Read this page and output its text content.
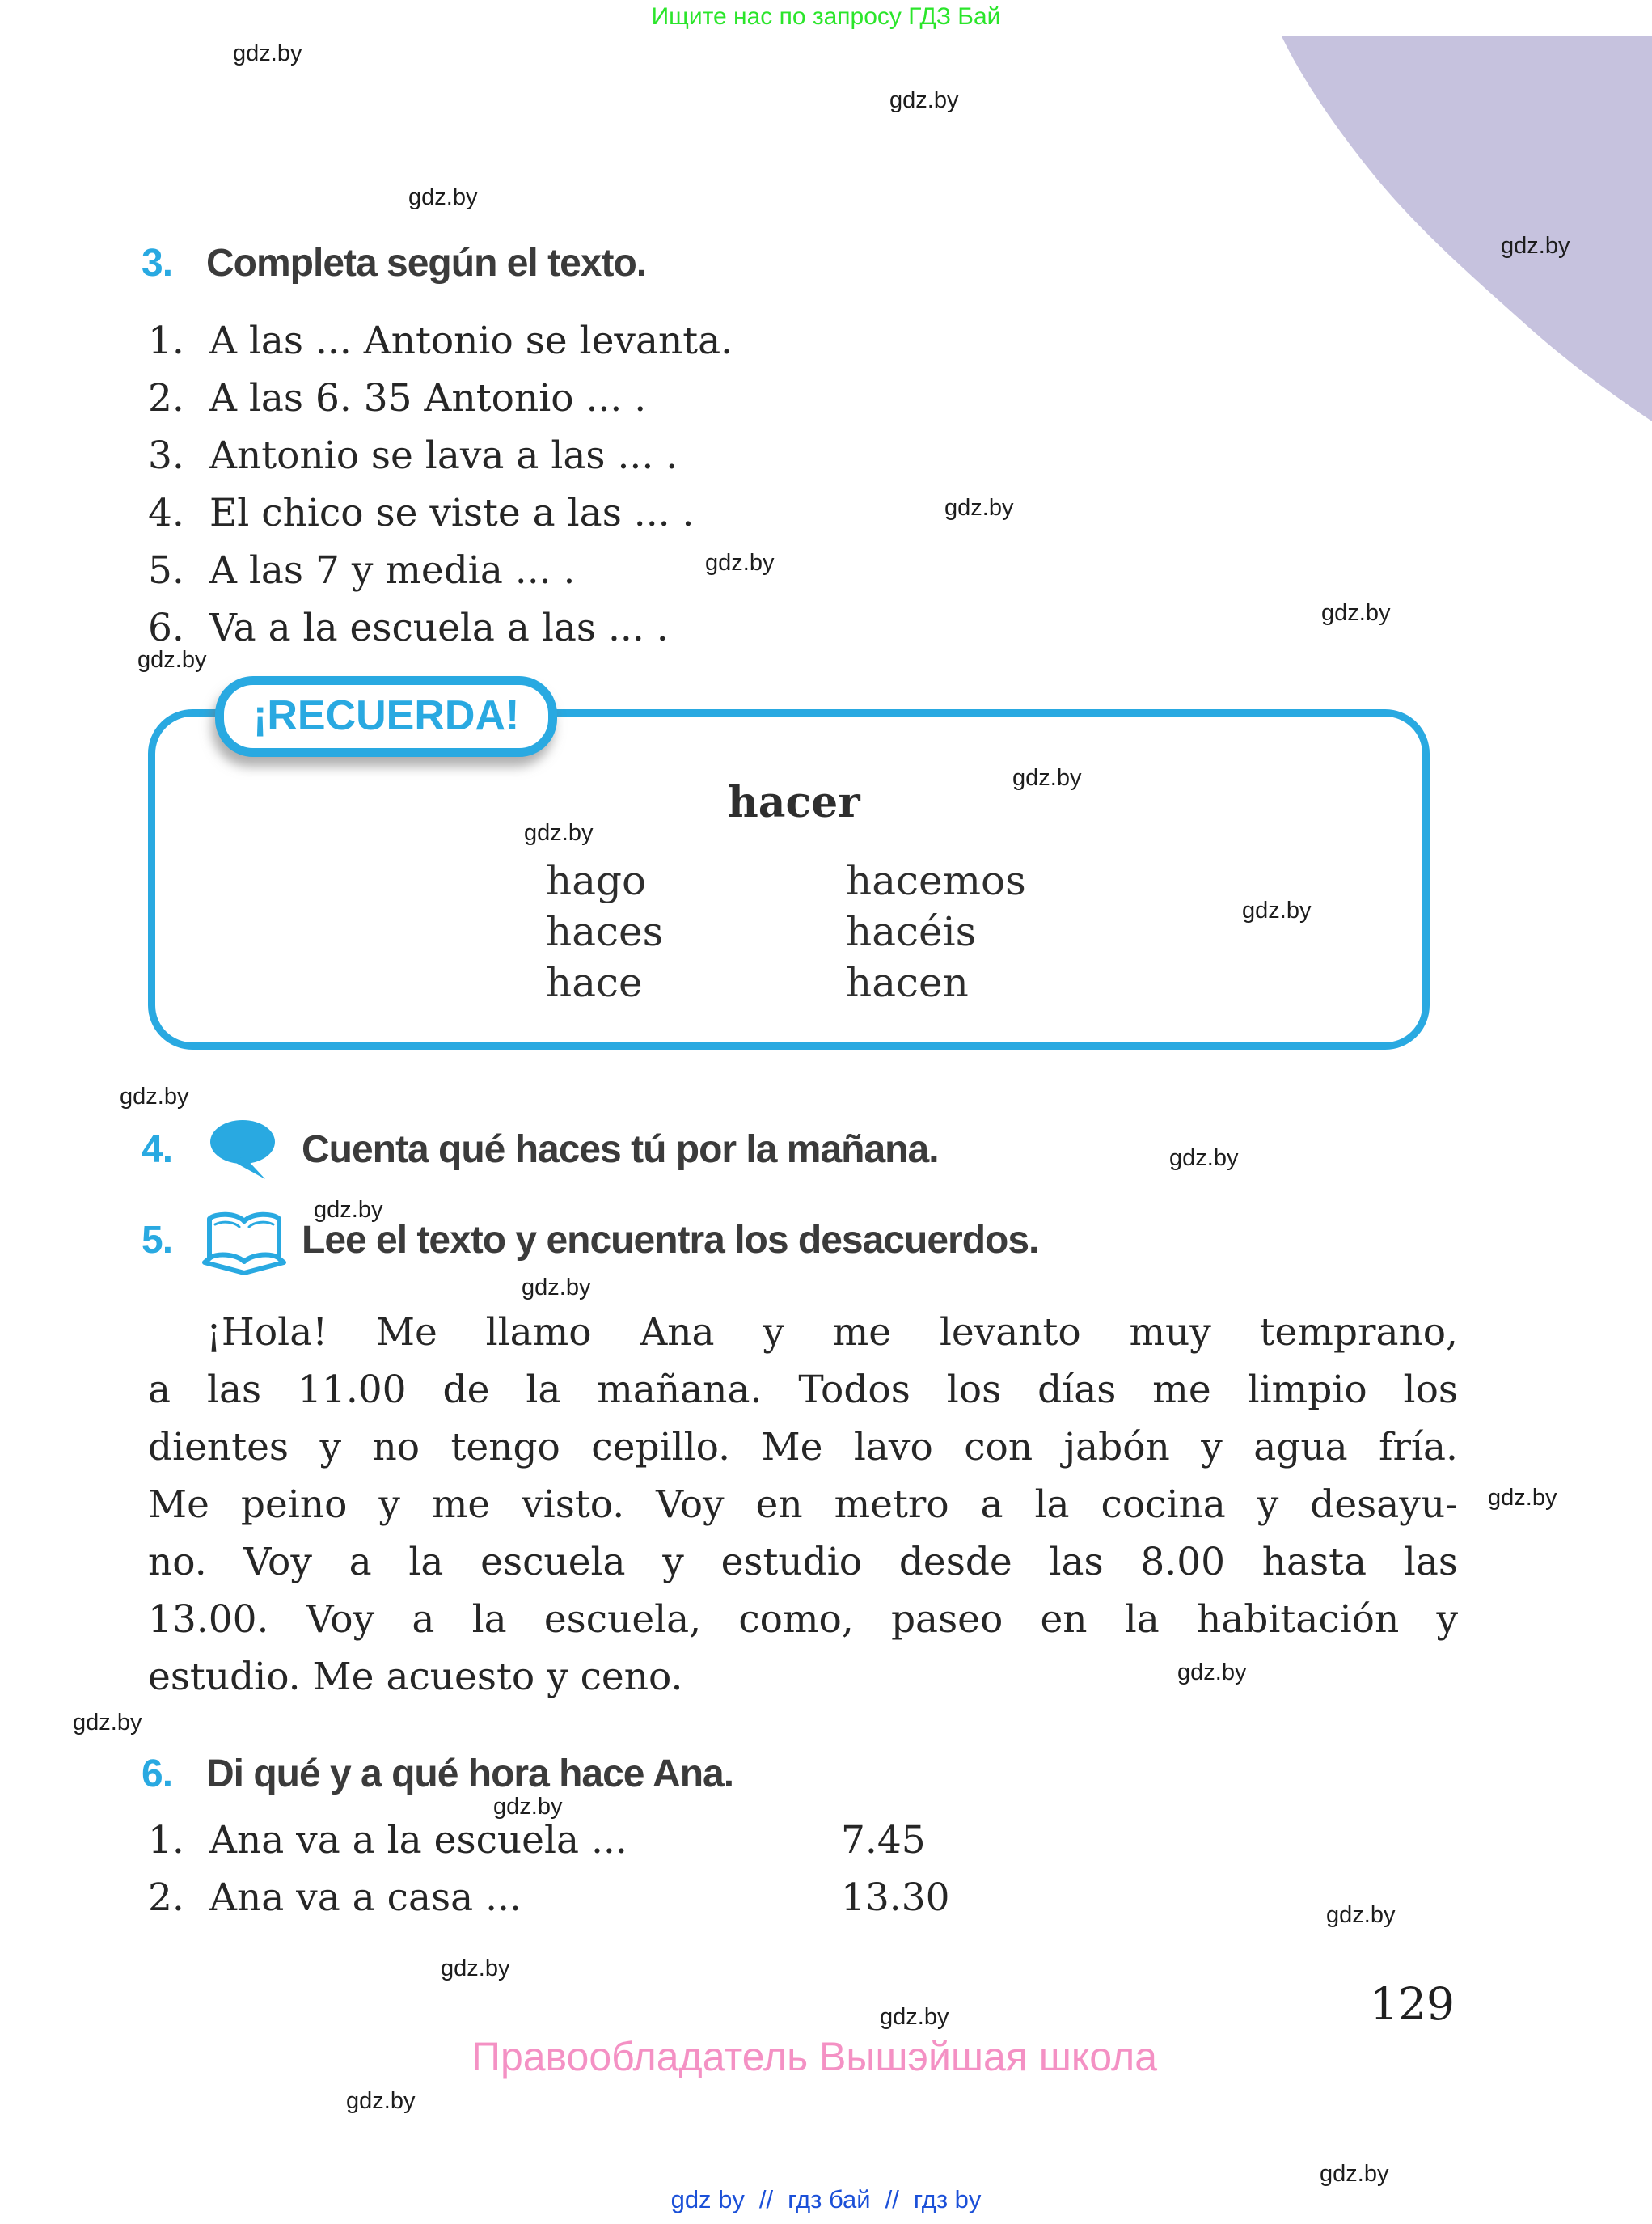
Ищите нас по запросу ГДЗ Бай
gdz.by
gdz.by
gdz.by
gdz.by
gdz.by
gdz.by
gdz.by
gdz.by
gdz.by
gdz.by
gdz.by
gdz.by
gdz.by
gdz.by
gdz.by
gdz.by
gdz.by
gdz.by
gdz.by
gdz.by
gdz.by
gdz.by
gdz.by
gdz.by
3. Completa según el texto.
1. A las ... Antonio se levanta.
2. A las 6. 35 Antonio ... .
3. Antonio se lava a las ... .
4. El chico se viste a las ... .
5. A las 7 y media ... .
6. Va a la escuela a las ... .
¡RECUERDA!
hacer
hago	hacemos
haces	hacéis
hace	hacen
4.	Cuenta qué haces tú por la mañana.
5.	Lee el texto y encuentra los desacuerdos.
¡Hola! Me llamo Ana y me levanto muy temprano,
a las 11.00 de la mañana. Todos los días me limpio los
dientes y no tengo cepillo. Me lavo con jabón y agua fría.
Me peino y me visto. Voy en metro a la cocina y desayu-
no. Voy a la escuela y estudio desde las 8.00 hasta las
13.00. Voy a la escuela, como, paseo en la habitación y
estudio. Me acuesto y ceno.
6. Di qué y a qué hora hace Ana.
1. Ana va a la escuela ...	7.45
2. Ana va a casa ...	13.30
129
Правообладатель Вышэйшая школа
gdz by // гдз бай // гдз by
